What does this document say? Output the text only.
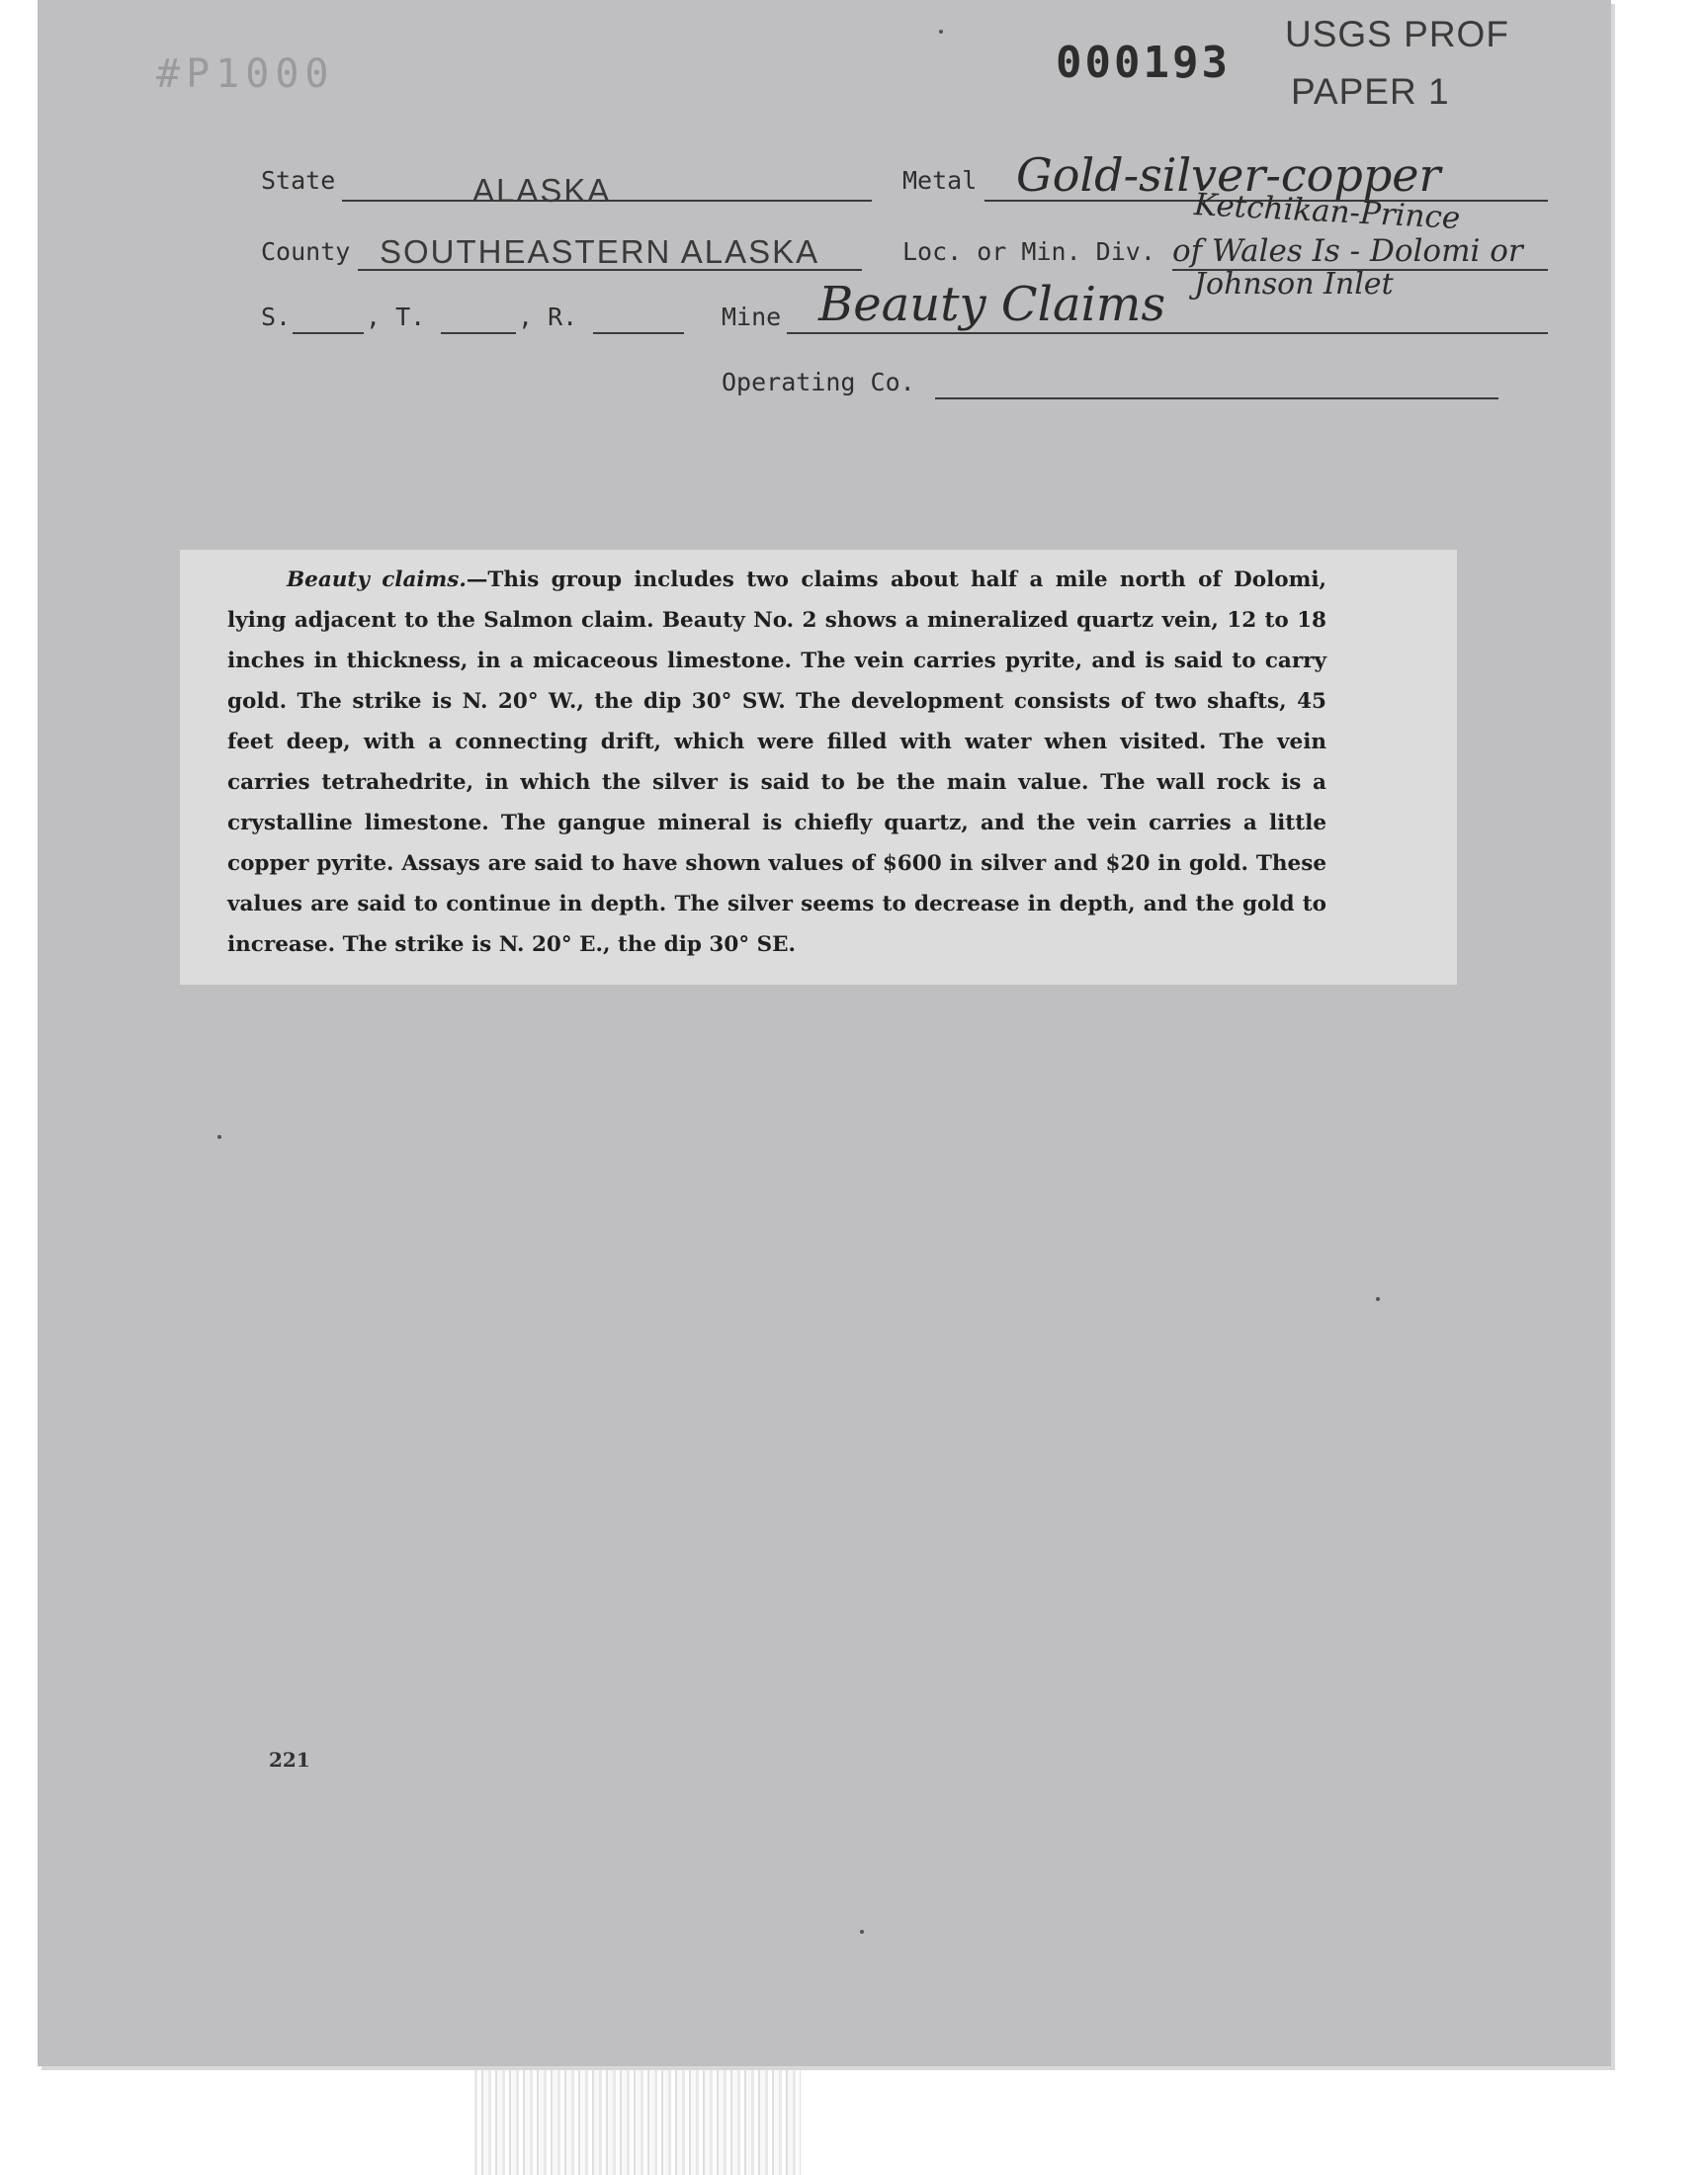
#P1000	000193
USGS PROF
PAPER 1
State	ALASKA	Metal Gold-silver-copper
County SOUTHEASTERN ALASKA	Loc. or Min. Div.
Ketchikan-Prince
of Wales Is - Dolomi or
Johnson Inlet
S.	, T.	, R.	Mine Beauty Claims
Operating Co.
Beauty claims.—This group includes two claims about half a mile north of Dolomi, lying adjacent to the Salmon claim. Beauty No. 2 shows a mineralized quartz vein, 12 to 18 inches in thickness, in a micaceous limestone. The vein carries pyrite, and is said to carry gold. The strike is N. 20° W., the dip 30° SW. The development consists of two shafts, 45 feet deep, with a connecting drift, which were filled with water when visited. The vein carries tetrahedrite, in which the silver is said to be the main value. The wall rock is a crystalline limestone. The gangue mineral is chiefly quartz, and the vein carries a little copper pyrite. Assays are said to have shown values of $600 in silver and $20 in gold. These values are said to continue in depth. The silver seems to decrease in depth, and the gold to increase. The strike is N. 20° E., the dip 30° SE.
221
